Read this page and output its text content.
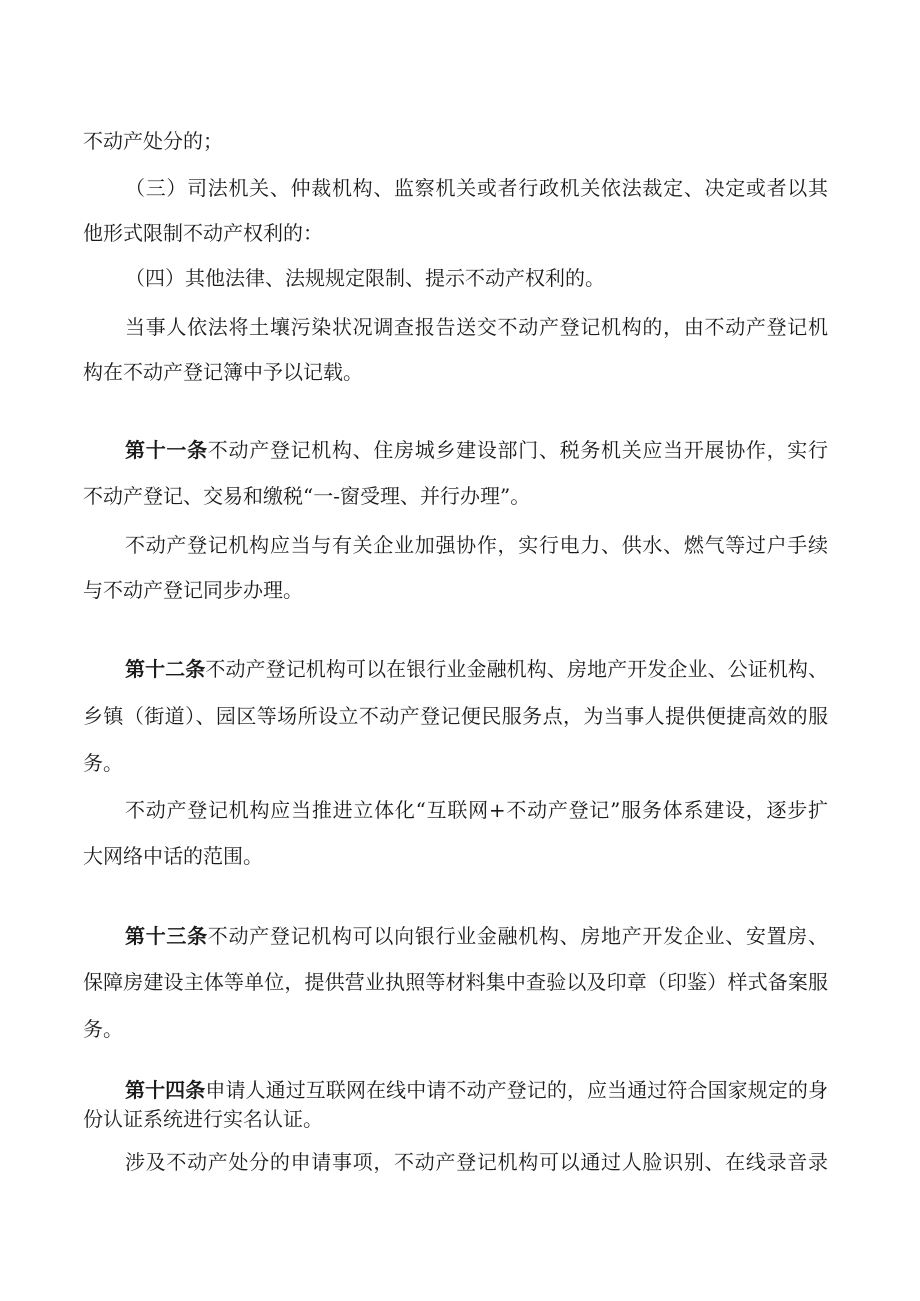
不动产处分的；
（三）司法机关、仲裁机构、监察机关或者行政机关依法裁定、决定或者以其
他形式限制不动产权利的：
（四）其他法律、法规规定限制、提示不动产权利的。
当事人依法将土壤污染状况调查报告送交不动产登记机构的，由不动产登记机
构在不动产登记簿中予以记载。
第十一条不动产登记机构、住房城乡建设部门、税务机关应当开展协作，实行
不动产登记、交易和缴税“一-窗受理、并行办理”。
不动产登记机构应当与有关企业加强协作，实行电力、供水、燃气等过户手续
与不动产登记同步办理。
第十二条不动产登记机构可以在银行业金融机构、房地产开发企业、公证机构、
乡镇（街道）、园区等场所设立不动产登记便民服务点，为当事人提供便捷高效的服
务。
不动产登记机构应当推进立体化“互联网+不动产登记”服务体系建设，逐步扩
大网络中话的范围。
第十三条不动产登记机构可以向银行业金融机构、房地产开发企业、安置房、
保障房建设主体等单位，提供营业执照等材料集中查验以及印章（印鉴）样式备案服
务。
第十四条申请人通过互联网在线中请不动产登记的，应当通过符合国家规定的身
份认证系统进行实名认证。
涉及不动产处分的申请事项，不动产登记机构可以通过人脸识别、在线录音录
